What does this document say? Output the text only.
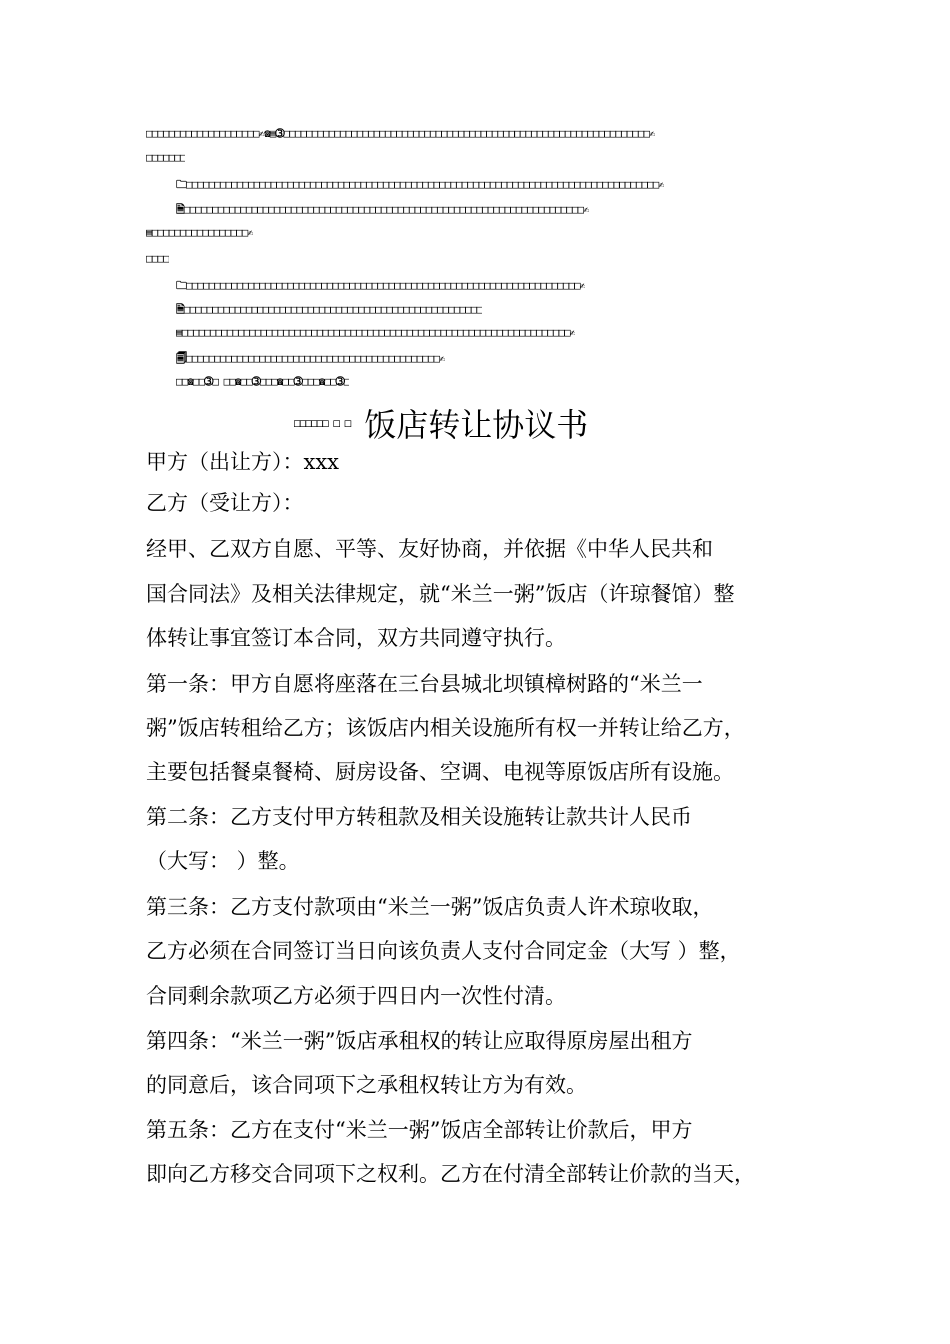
□□□□□□□□□□□□□□□□□□□□✍☎▤➂□□□□□□□□□□□□□□□□□□□□□□□□□□□□□□□□□□□□□□□□□□□□□□□□□□□□□□□□□□□□□□□□□✍
□□□□□□□
🗀□□□□□□□□□□□□□□□□□□□□□□□□□□□□□□□□□□□□□□□□□□□□□□□□□□□□□□□□□□□□□□□□□□□□□□□□□□□□□□□□□□□□✍
🗎□□□□□□□□□□□□□□□□□□□□□□□□□□□□□□□□□□□□□□□□□□□□□□□□□□□□□□□□□□□□□□□□□□□□□□□✍
▤□□□□□□□□□□□□□□□□□✍
□□□□
🗀□□□□□□□□□□□□□□□□□□□□□□□□□□□□□□□□□□□□□□□□□□□□□□□□□□□□□□□□□□□□□□□□□□□□□□✍
🗎□□□□□□□□□□□□□□□□□□□□□□□□□□□□□□□□□□□□□□□□□□□□□□□□□□□□□
▤□□□□□□□□□□□□□□□□□□□□□□□□□□□□□□□□□□□□□□□□□□□□□□□□□□□□□□□□□□□□□□□□□□□□□✍
🗐□□□□□□□□□□□□□□□□□□□□□□□□□□□□□□□□□□□□□□□□□□□□□✍
□□☎□□➂□ □□☎□□➂□□□☎□□➂□□□☎□□➂□
□□□□□□ □ □ 饭店转让协议书
甲方（出让方）：xxx
乙方（受让方）：
经甲、乙双方自愿、平等、友好协商，并依据《中华人民共和
国合同法》及相关法律规定，就“米兰一粥”饭店（许琼餐馆）整
体转让事宜签订本合同，双方共同遵守执行。
第一条：甲方自愿将座落在三台县城北坝镇樟树路的“米兰一
粥”饭店转租给乙方；该饭店内相关设施所有权一并转让给乙方，
主要包括餐桌餐椅、厨房设备、空调、电视等原饭店所有设施。
第二条：乙方支付甲方转租款及相关设施转让款共计人民币
（大写： ）整。
第三条：乙方支付款项由“米兰一粥”饭店负责人许术琼收取，
乙方必须在合同签订当日向该负责人支付合同定金（大写 ）整，
合同剩余款项乙方必须于四日内一次性付清。
第四条：“米兰一粥”饭店承租权的转让应取得原房屋出租方
的同意后，该合同项下之承租权转让方为有效。
第五条：乙方在支付“米兰一粥”饭店全部转让价款后，甲方
即向乙方移交合同项下之权利。乙方在付清全部转让价款的当天，
